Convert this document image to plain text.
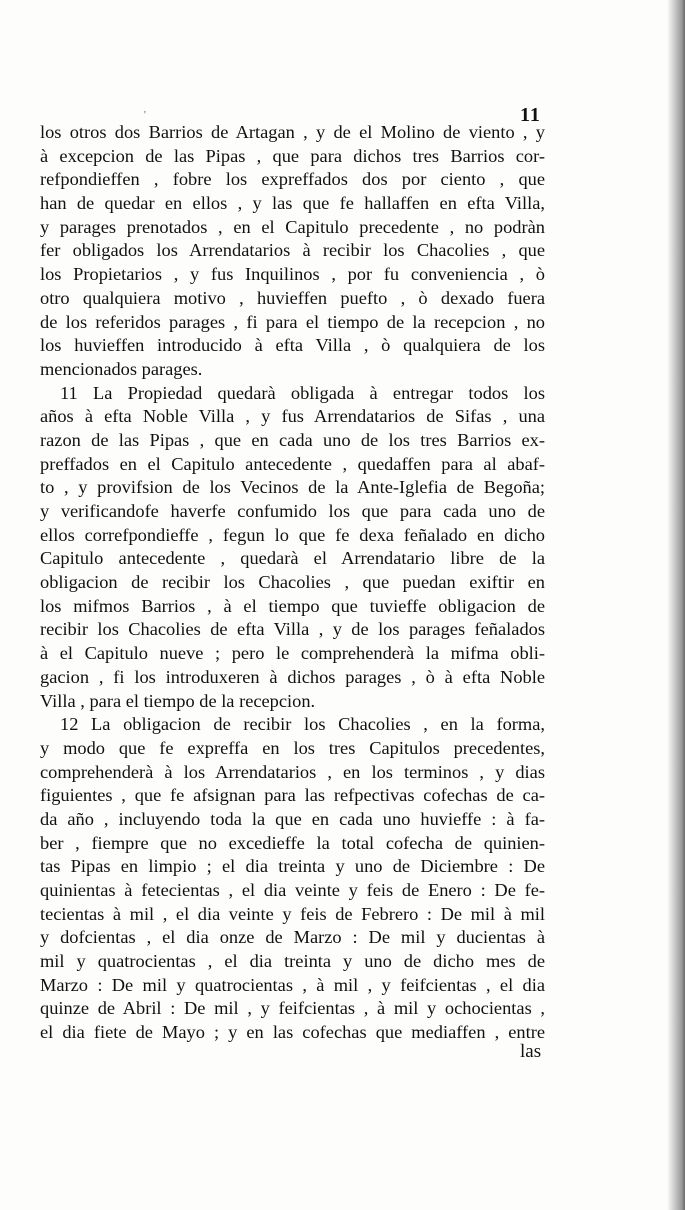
'	11
los otros dos Barrios de Artagan , y de el Molino de viento , y
à excepcion de las Pipas , que para dichos tres Barrios cor-
refpondieffen , fobre los expreffados dos por ciento , que
han de quedar en ellos , y las que fe hallaffen en efta Villa,
y parages prenotados , en el Capitulo precedente , no podràn
fer obligados los Arrendatarios à recibir los Chacolies , que
los Propietarios , y fus Inquilinos , por fu conveniencia , ò
otro qualquiera motivo , huvieffen puefto , ò dexado fuera
de los referidos parages , fi para el tiempo de la recepcion , no
los huvieffen introducido à efta Villa , ò qualquiera de los
mencionados parages.
11 La Propiedad quedarà obligada à entregar todos los
años à efta Noble Villa , y fus Arrendatarios de Sifas , una
razon de las Pipas , que en cada uno de los tres Barrios ex-
preffados en el Capitulo antecedente , quedaffen para al abaf-
to , y provifsion de los Vecinos de la Ante-Iglefia de Begoña;
y verificandofe haverfe confumido los que para cada uno de
ellos correfpondieffe , fegun lo que fe dexa feñalado en dicho
Capitulo antecedente , quedarà el Arrendatario libre de la
obligacion de recibir los Chacolies , que puedan exiftir en
los mifmos Barrios , à el tiempo que tuvieffe obligacion de
recibir los Chacolies de efta Villa , y de los parages feñalados
à el Capitulo nueve ; pero le comprehenderà la mifma obli-
gacion , fi los introduxeren à dichos parages , ò à efta Noble
Villa , para el tiempo de la recepcion.
12 La obligacion de recibir los Chacolies , en la forma,
y modo que fe expreffa en los tres Capitulos precedentes,
comprehenderà à los Arrendatarios , en los terminos , y dias
figuientes , que fe afsignan para las refpectivas cofechas de ca-
da año , incluyendo toda la que en cada uno huvieffe : à fa-
ber , fiempre que no excedieffe la total cofecha de quinien-
tas Pipas en limpio ; el dia treinta y uno de Diciembre : De
quinientas à fetecientas , el dia veinte y feis de Enero : De fe-
tecientas à mil , el dia veinte y feis de Febrero : De mil à mil
y dofcientas , el dia onze de Marzo : De mil y ducientas à
mil y quatrocientas , el dia treinta y uno de dicho mes de
Marzo : De mil y quatrocientas , à mil , y feifcientas , el dia
quinze de Abril : De mil , y feifcientas , à mil y ochocientas ,
el dia fiete de Mayo ; y en las cofechas que mediaffen , entre
las
